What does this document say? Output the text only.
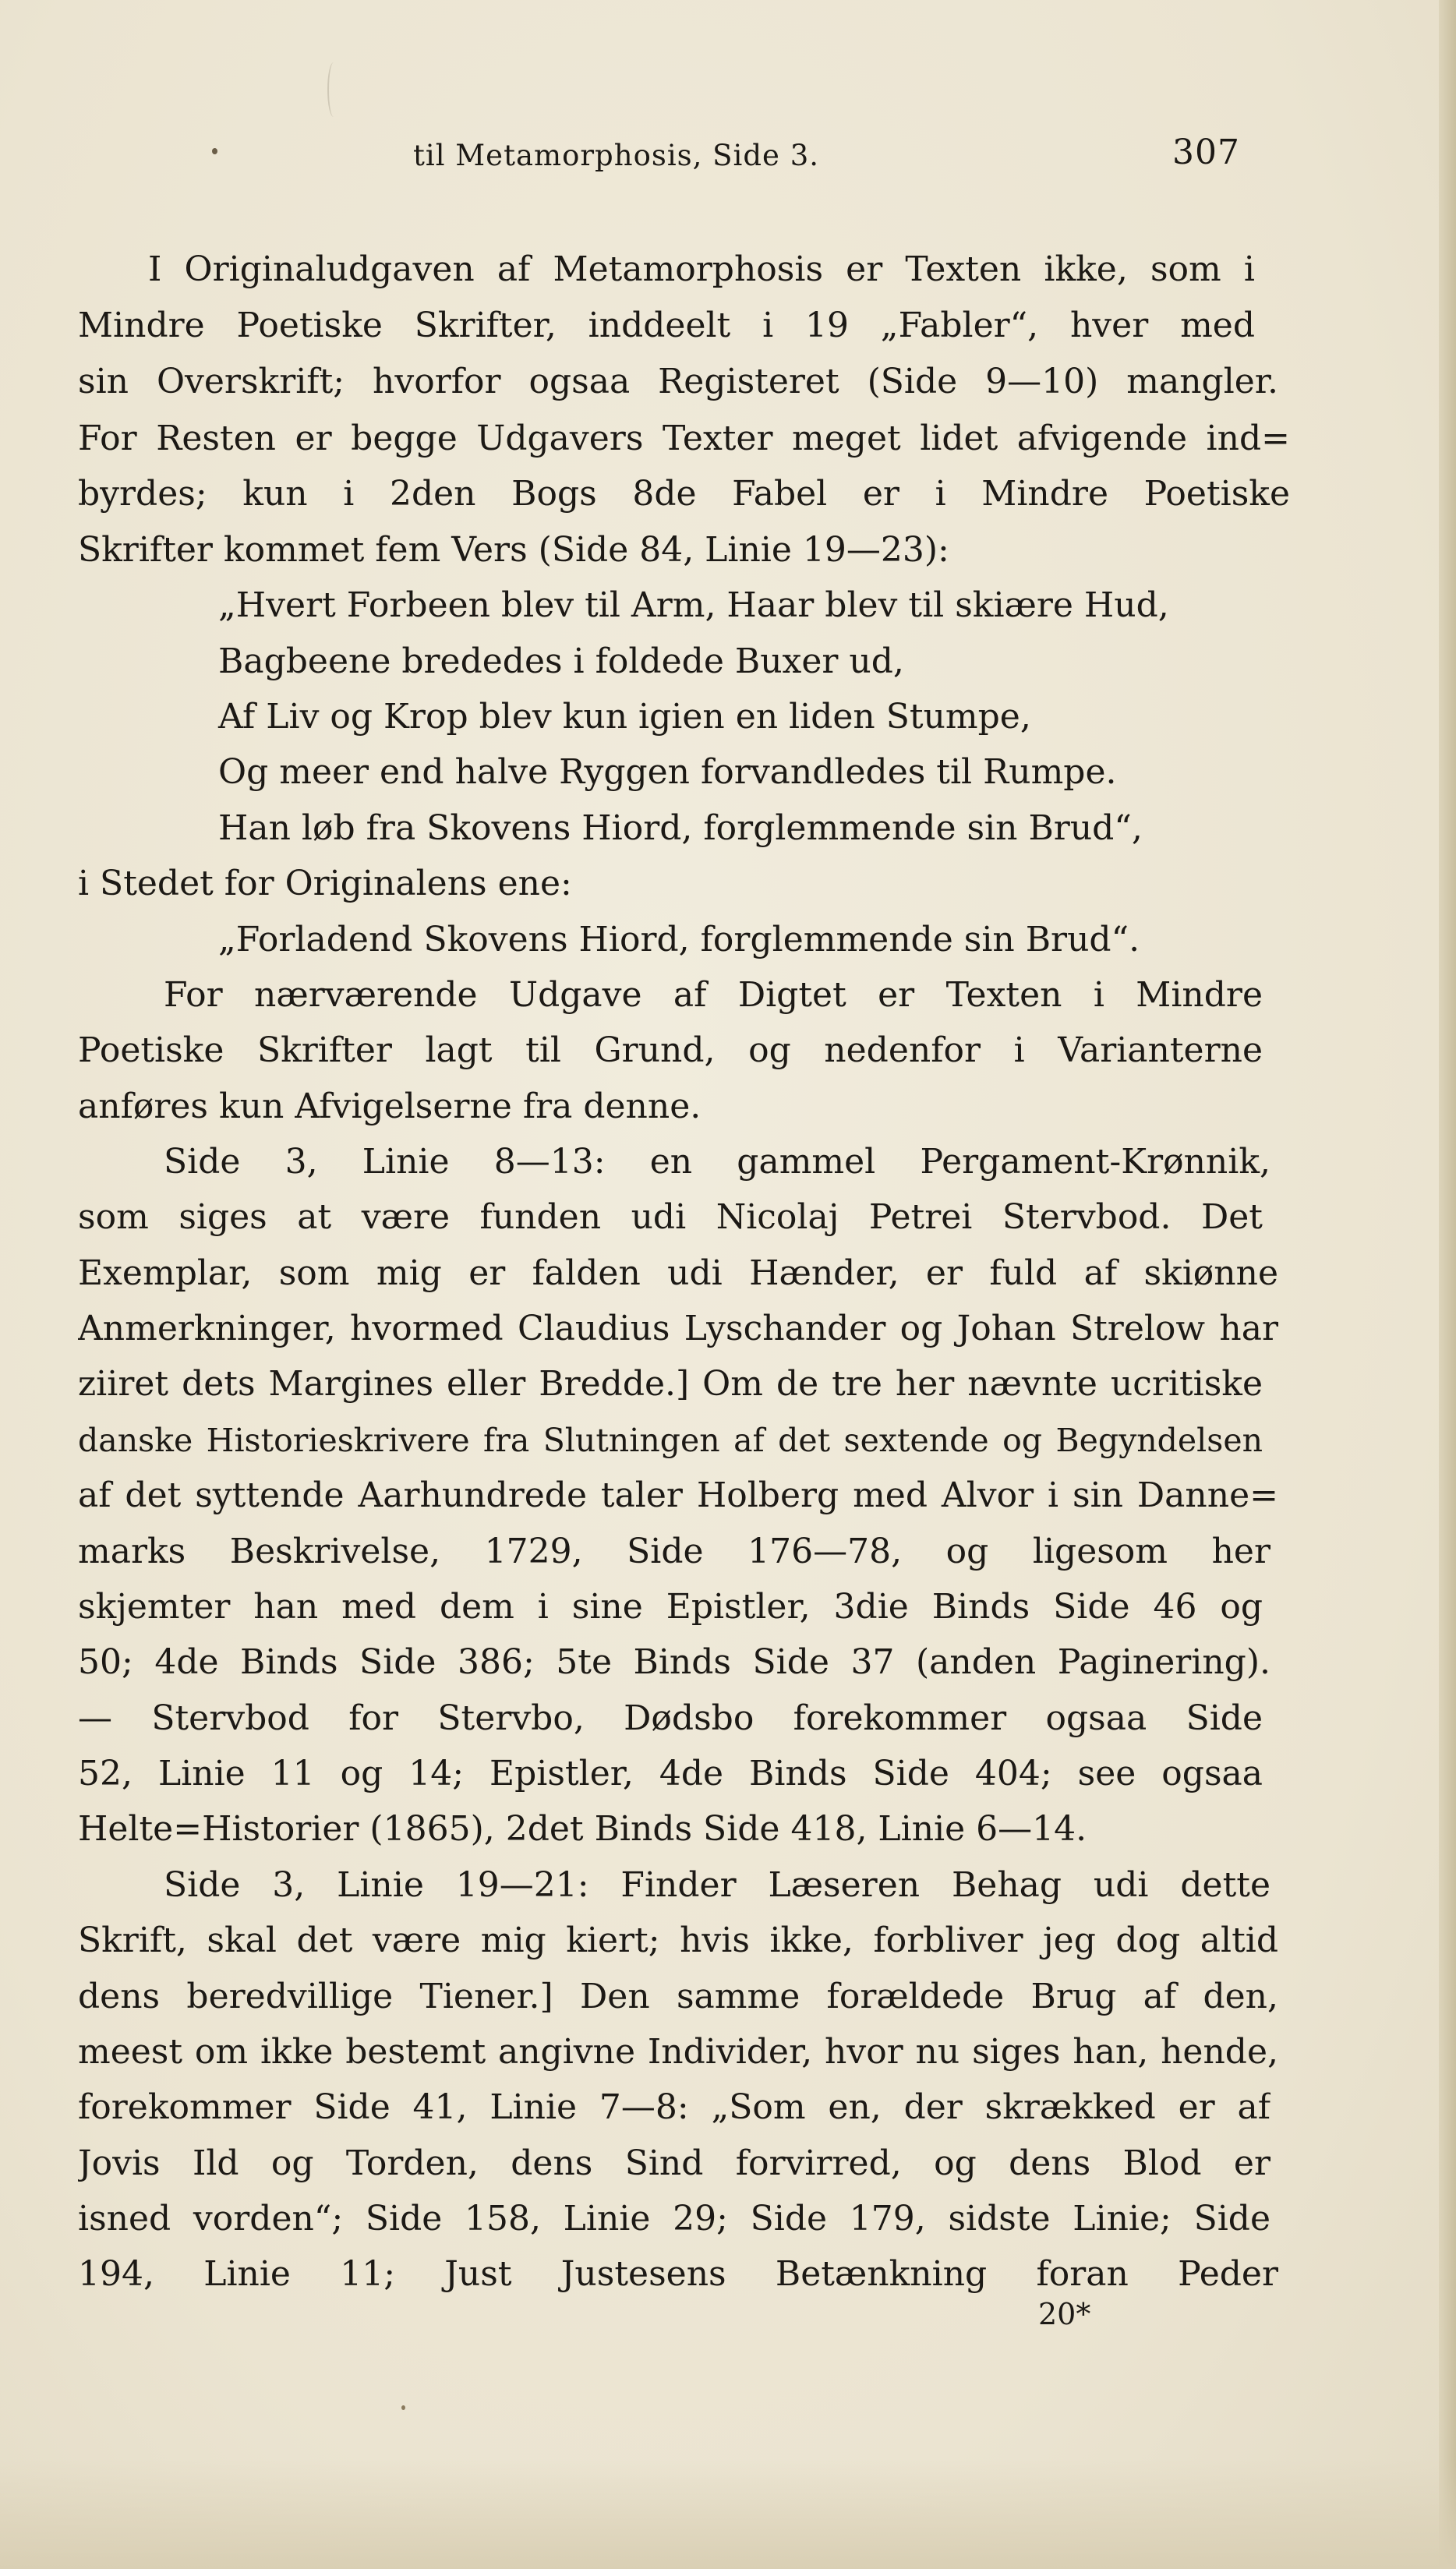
til Metamorphosis, Side 3.	307
I Originaludgaven af Metamorphosis er Texten ikke, som i
Mindre Poetiske Skrifter, inddeelt i 19 „Fabler“, hver med
sin Overskrift; hvorfor ogsaa Registeret (Side 9—10) mangler.
For Resten er begge Udgavers Texter meget lidet afvigende ind=
byrdes; kun i 2den Bogs 8de Fabel er i Mindre Poetiske
Skrifter kommet fem Vers (Side 84, Linie 19—23):
„Hvert Forbeen blev til Arm, Haar blev til skiære Hud,
Bagbeene brededes i foldede Buxer ud,
Af Liv og Krop blev kun igien en liden Stumpe,
Og meer end halve Ryggen forvandledes til Rumpe.
Han løb fra Skovens Hiord, forglemmende sin Brud“,
i Stedet for Originalens ene:
„Forladend Skovens Hiord, forglemmende sin Brud“.
For nærværende Udgave af Digtet er Texten i Mindre
Poetiske Skrifter lagt til Grund, og nedenfor i Varianterne
anføres kun Afvigelserne fra denne.
Side 3, Linie 8—13: en gammel Pergament-Krønnik,
som siges at være funden udi Nicolaj Petrei Stervbod. Det
Exemplar, som mig er falden udi Hænder, er fuld af skiønne
Anmerkninger, hvormed Claudius Lyschander og Johan Strelow har
ziiret dets Margines eller Bredde.] Om de tre her nævnte ucritiske
danske Historieskrivere fra Slutningen af det sextende og Begyndelsen
af det syttende Aarhundrede taler Holberg med Alvor i sin Danne=
marks Beskrivelse, 1729, Side 176—78, og ligesom her
skjemter han med dem i sine Epistler, 3die Binds Side 46 og
50; 4de Binds Side 386; 5te Binds Side 37 (anden Paginering).
— Stervbod for Stervbo, Dødsbo forekommer ogsaa Side
52, Linie 11 og 14; Epistler, 4de Binds Side 404; see ogsaa
Helte=Historier (1865), 2det Binds Side 418, Linie 6—14.
Side 3, Linie 19—21: Finder Læseren Behag udi dette
Skrift, skal det være mig kiert; hvis ikke, forbliver jeg dog altid
dens beredvillige Tiener.] Den samme forældede Brug af den,
meest om ikke bestemt angivne Individer, hvor nu siges han, hende,
forekommer Side 41, Linie 7—8: „Som en, der skrækked er af
Jovis Ild og Torden, dens Sind forvirred, og dens Blod er
isned vorden“; Side 158, Linie 29; Side 179, sidste Linie; Side
194, Linie 11; Just Justesens Betænkning foran Peder
20*
